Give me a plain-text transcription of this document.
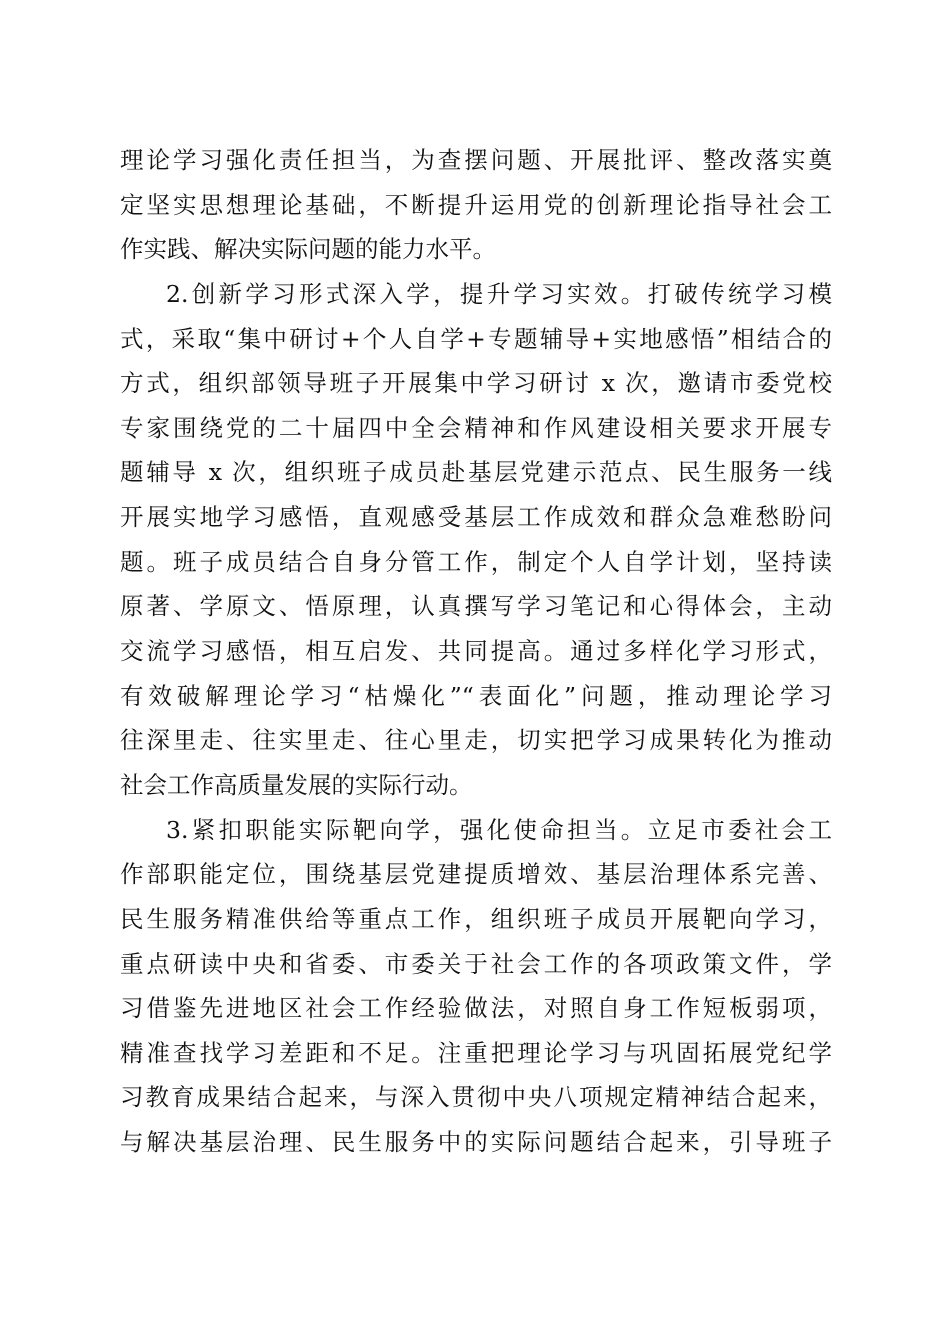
理论学习强化责任担当，为查摆问题、开展批评、整改落实奠
定坚实思想理论基础，不断提升运用党的创新理论指导社会工
作实践、解决实际问题的能力水平。
2.创新学习形式深入学，提升学习实效。打破传统学习模
式，采取“集中研讨+个人自学+专题辅导+实地感悟”相结合的
方式，组织部领导班子开展集中学习研讨 x 次，邀请市委党校
专家围绕党的二十届四中全会精神和作风建设相关要求开展专
题辅导 x 次，组织班子成员赴基层党建示范点、民生服务一线
开展实地学习感悟，直观感受基层工作成效和群众急难愁盼问
题。班子成员结合自身分管工作，制定个人自学计划，坚持读
原著、学原文、悟原理，认真撰写学习笔记和心得体会，主动
交流学习感悟，相互启发、共同提高。通过多样化学习形式，
有效破解理论学习“枯燥化”“表面化”问题，推动理论学习
往深里走、往实里走、往心里走，切实把学习成果转化为推动
社会工作高质量发展的实际行动。
3.紧扣职能实际靶向学，强化使命担当。立足市委社会工
作部职能定位，围绕基层党建提质增效、基层治理体系完善、
民生服务精准供给等重点工作，组织班子成员开展靶向学习，
重点研读中央和省委、市委关于社会工作的各项政策文件，学
习借鉴先进地区社会工作经验做法，对照自身工作短板弱项，
精准查找学习差距和不足。注重把理论学习与巩固拓展党纪学
习教育成果结合起来，与深入贯彻中央八项规定精神结合起来，
与解决基层治理、民生服务中的实际问题结合起来，引导班子
